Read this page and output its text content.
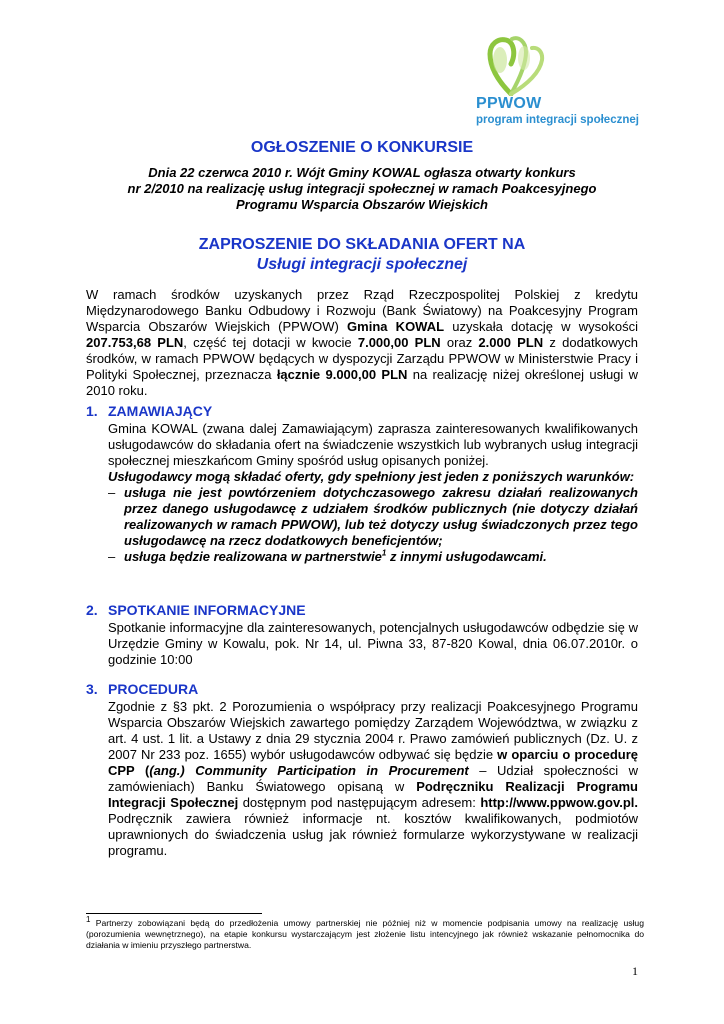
PPWOW
program integracji społecznej
OGŁOSZENIE O KONKURSIE
Dnia 22 czerwca 2010 r. Wójt Gminy KOWAL ogłasza otwarty konkurs
nr 2/2010 na realizację usług integracji społecznej w ramach Poakcesyjnego
Programu Wsparcia Obszarów Wiejskich
ZAPROSZENIE DO SKŁADANIA OFERT NA
Usługi integracji społecznej
W ramach środków uzyskanych przez Rząd Rzeczpospolitej Polskiej z kredytu Międzynarodowego Banku Odbudowy i Rozwoju (Bank Światowy) na Poakcesyjny Program Wsparcia Obszarów Wiejskich (PPWOW) Gmina KOWAL uzyskała dotację w wysokości 207.753,68 PLN, część tej dotacji w kwocie 7.000,00 PLN oraz 2.000 PLN z dodatkowych środków, w ramach PPWOW będących w dyspozycji Zarządu PPWOW w Ministerstwie Pracy i Polityki Społecznej, przeznacza łącznie 9.000,00 PLN na realizację niżej określonej usługi w 2010 roku.
1. ZAMAWIAJĄCY
Gmina KOWAL (zwana dalej Zamawiającym) zaprasza zainteresowanych kwalifikowanych usługodawców do składania ofert na świadczenie wszystkich lub wybranych usług integracji społecznej mieszkańcom Gminy spośród usług opisanych poniżej.
Usługodawcy mogą składać oferty, gdy spełniony jest jeden z poniższych warunków:
– usługa nie jest powtórzeniem dotychczasowego zakresu działań realizowanych przez danego usługodawcę z udziałem środków publicznych (nie dotyczy działań realizowanych w ramach PPWOW), lub też dotyczy usług świadczonych przez tego usługodawcę na rzecz dodatkowych beneficjentów;
– usługa będzie realizowana w partnerstwie$^1$ z innymi usługodawcami.
2. SPOTKANIE INFORMACYJNE
Spotkanie informacyjne dla zainteresowanych, potencjalnych usługodawców odbędzie się w Urzędzie Gminy w Kowalu, pok. Nr 14, ul. Piwna 33, 87-820 Kowal, dnia 06.07.2010r. o godzinie 10:00
3. PROCEDURA
Zgodnie z §3 pkt. 2 Porozumienia o współpracy przy realizacji Poakcesyjnego Programu Wsparcia Obszarów Wiejskich zawartego pomiędzy Zarządem Województwa, w związku z art. 4 ust. 1 lit. a Ustawy z dnia 29 stycznia 2004 r. Prawo zamówień publicznych (Dz. U. z 2007 Nr 233 poz. 1655) wybór usługodawców odbywać się będzie w oparciu o procedurę CPP ((ang.) Community Participation in Procurement – Udział społeczności w zamówieniach) Banku Światowego opisaną w Podręczniku Realizacji Programu Integracji Społecznej dostępnym pod następującym adresem: http://www.ppwow.gov.pl. Podręcznik zawiera również informacje nt. kosztów kwalifikowanych, podmiotów uprawnionych do świadczenia usług jak również formularze wykorzystywane w realizacji programu.
$^1$ Partnerzy zobowiązani będą do przedłożenia umowy partnerskiej nie później niż w momencie podpisania umowy na realizację usług (porozumienia wewnętrznego), na etapie konkursu wystarczającym jest złożenie listu intencyjnego jak również wskazanie pełnomocnika do działania w imieniu przyszłego partnerstwa.
1
